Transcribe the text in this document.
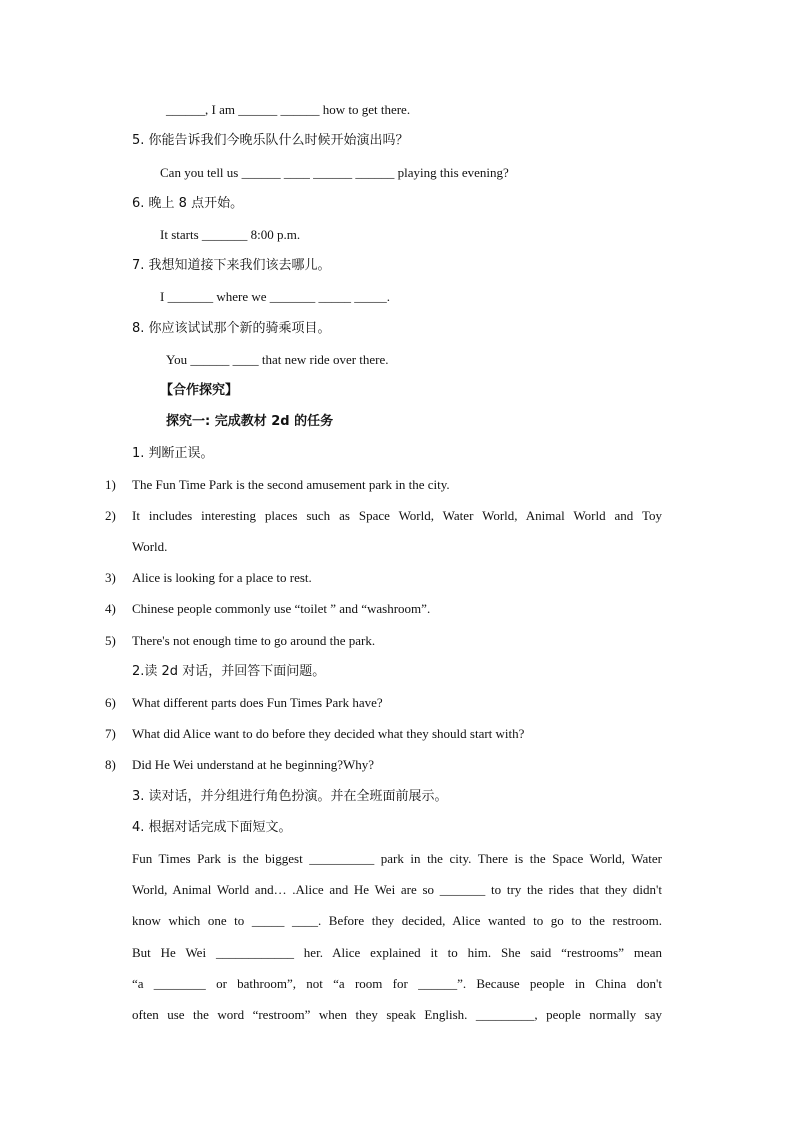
______, I am ______ ______ how to get there.
5. 你能告诉我们今晚乐队什么时候开始演出吗？
Can you tell us ______ ____ ______ ______ playing this evening?
6. 晚上 8 点开始。
It starts _______ 8:00 p.m.
7. 我想知道接下来我们该去哪儿。
I _______ where we _______ _____ _____.
8. 你应该试试那个新的骑乘项目。
You ______ ____ that new ride over there.
【合作探究】
探究一: 完成教材 2d 的任务
1. 判断正误。
1)	The Fun Time Park is the second amusement park in the city.
2)	It includes interesting places such as Space World, Water World, Animal World and Toy
World.
3)	Alice is looking for a place to rest.
4)	Chinese people commonly use “toilet ” and “washroom”.
5)	There's not enough time to go around the park.
2.读 2d 对话，并回答下面问题。
6)	What different parts does Fun Times Park have?
7)	What did Alice want to do before they decided what they should start with?
8)	Did He Wei understand at he beginning?Why?
3. 读对话，并分组进行角色扮演。并在全班面前展示。
4. 根据对话完成下面短文。
Fun Times Park is the biggest __________ park in the city. There is the Space World, Water
World, Animal World and… .Alice and He Wei are so _______ to try the rides that they didn't
know which one to _____ ____. Before they decided, Alice wanted to go to the restroom.
But He Wei ____________ her. Alice explained it to him. She said “restrooms” mean
“a ________ or bathroom”, not “a room for ______”. Because people in China don't
often use the word “restroom” when they speak English. _________, people normally say
